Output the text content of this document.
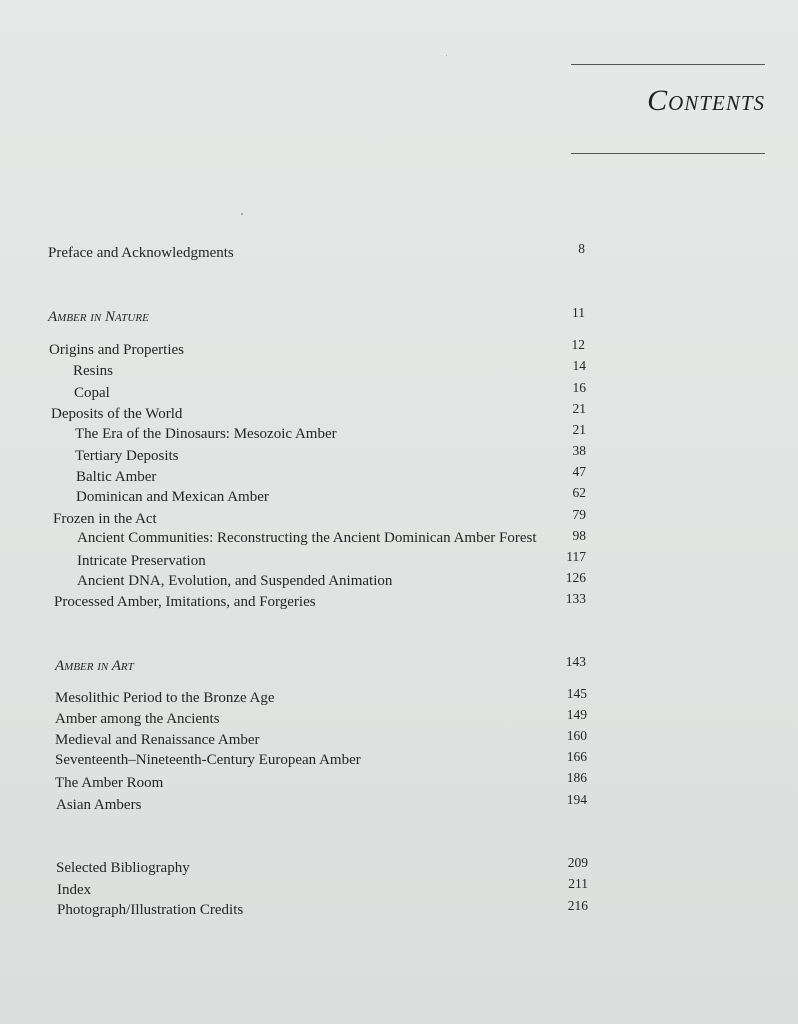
Contents
Preface and Acknowledgments	8
Amber in Nature	11
Origins and Properties	12
Resins	14
Copal	16
Deposits of the World	21
The Era of the Dinosaurs: Mesozoic Amber	21
Tertiary Deposits	38
Baltic Amber	47
Dominican and Mexican Amber	62
Frozen in the Act	79
Ancient Communities: Reconstructing the Ancient Dominican Amber Forest	98
Intricate Preservation	117
Ancient DNA, Evolution, and Suspended Animation	126
Processed Amber, Imitations, and Forgeries	133
Amber in Art	143
Mesolithic Period to the Bronze Age	145
Amber among the Ancients	149
Medieval and Renaissance Amber	160
Seventeenth–Nineteenth-Century European Amber	166
The Amber Room	186
Asian Ambers	194
Selected Bibliography	209
Index	211
Photograph/Illustration Credits	216
